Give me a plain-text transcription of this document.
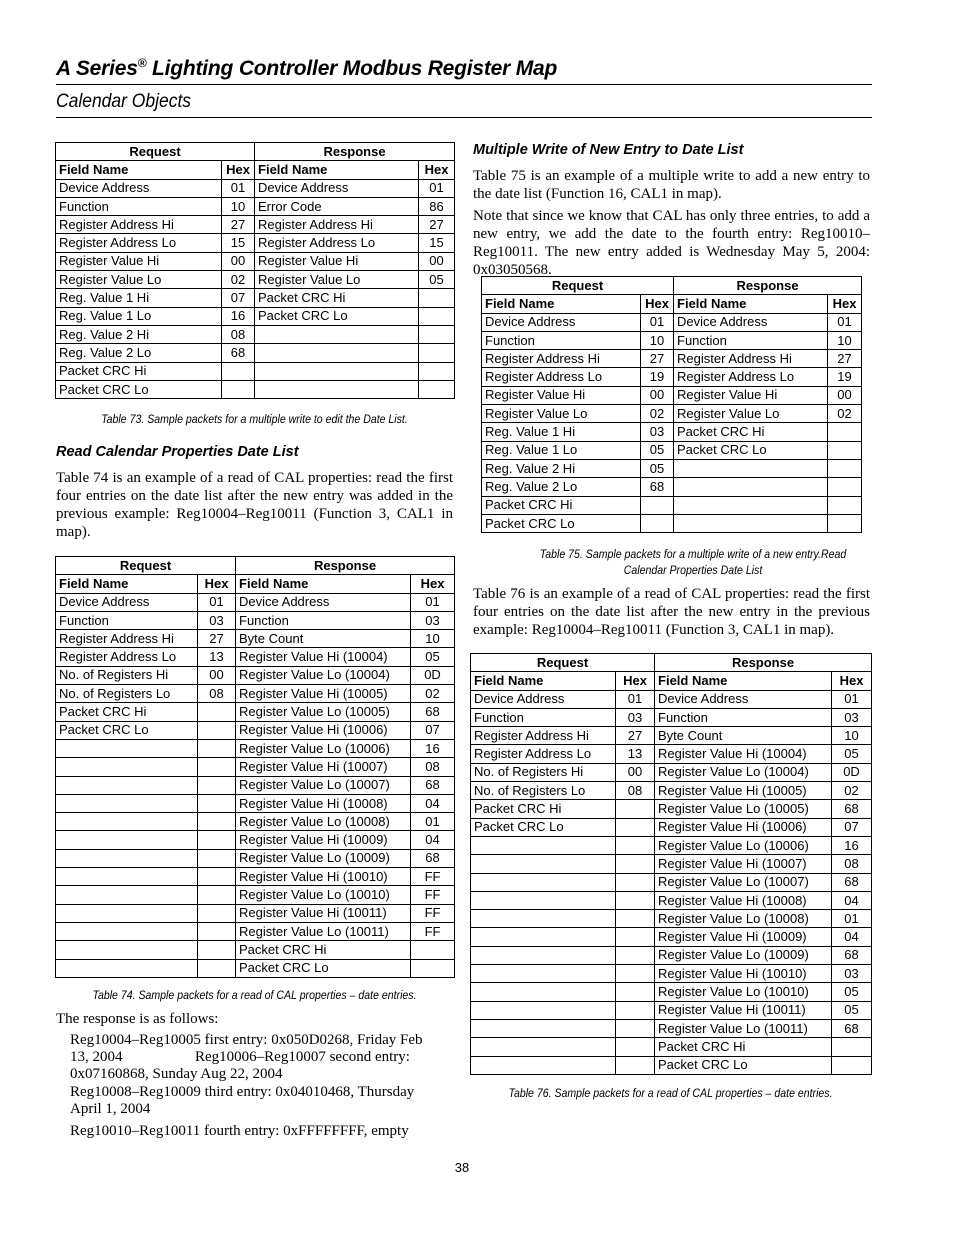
A Series® Lighting Controller Modbus Register Map
Calendar Objects
Request		Response	
Field Name	Hex	Field Name	Hex
Device Address	01	Device Address	01
Function	10	Error Code	86
Register Address Hi	27	Register Address Hi	27
Register Address Lo	15	Register Address Lo	15
Register Value Hi	00	Register Value Hi	00
Register Value Lo	02	Register Value Lo	05
Reg. Value 1 Hi	07	Packet CRC Hi	
Reg. Value 1 Lo	16	Packet CRC Lo	
Reg. Value 2 Hi	08		
Reg. Value 2 Lo	68		
Packet CRC Hi			
Packet CRC Lo			
Table 73. Sample packets for a multiple write to edit the Date List.
Read Calendar Properties Date List

Table 74 is an example of a read of CAL properties: read the first four entries on the date list after the new entry was added in the previous example: Reg10004–Reg10011 (Function 3, CAL1 in map).

Request		Response	
Field Name	Hex	Field Name	Hex
Device Address	01	Device Address	01
Function	03	Function	03
Register Address Hi	27	Byte Count	10
Register Address Lo	13	Register Value Hi (10004)	05
No. of Registers Hi	00	Register Value Lo (10004)	0D
No. of Registers Lo	08	Register Value Hi (10005)	02
Packet CRC Hi		Register Value Lo (10005)	68
Packet CRC Lo		Register Value Hi (10006)	07
		Register Value Lo (10006)	16
		Register Value Hi (10007)	08
		Register Value Lo (10007)	68
		Register Value Hi (10008)	04
		Register Value Lo (10008)	01
		Register Value Hi (10009)	04
		Register Value Lo (10009)	68
		Register Value Hi (10010)	FF
		Register Value Lo (10010)	FF
		Register Value Hi (10011)	FF
		Register Value Lo (10011)	FF
		Packet CRC Hi	
		Packet CRC Lo	
Table 74. Sample packets for a read of CAL properties – date entries.

The response is as follows:

Reg10004–Reg10005 first entry: 0x050D0268, Friday Feb

13, 2004	Reg10006–Reg10007 second entry:

0x07160868, Sunday Aug 22, 2004

Reg10008–Reg10009 third entry: 0x04010468, Thursday

April 1, 2004

Reg10010–Reg10011 fourth entry: 0xFFFFFFFF, empty

Multiple Write of New Entry to Date List

Table 75 is an example of a multiple write to add a new entry to the date list (Function 16, CAL1 in map).

Note that since we know that CAL has only three entries, to add a new entry, we add the date to the fourth entry: Reg10010–Reg10011. The new entry added is Wednesday May 5, 2004: 0x03050568.

Request		Response	
Field Name	Hex	Field Name	Hex
Device Address	01	Device Address	01
Function	10	Function	10
Register Address Hi	27	Register Address Hi	27
Register Address Lo	19	Register Address Lo	19
Register Value Hi	00	Register Value Hi	00
Register Value Lo	02	Register Value Lo	02
Reg. Value 1 Hi	03	Packet CRC Hi	
Reg. Value 1 Lo	05	Packet CRC Lo	
Reg. Value 2 Hi	05		
Reg. Value 2 Lo	68		
Packet CRC Hi			
Packet CRC Lo			
Table 75. Sample packets for a multiple write of a new entry.Read
Calendar Properties Date List

Table 76 is an example of a read of CAL properties: read the first four entries on the date list after the new entry in the previous example: Reg10004–Reg10011 (Function 3, CAL1 in map).

Request		Response	
Field Name	Hex	Field Name	Hex
Device Address	01	Device Address	01
Function	03	Function	03
Register Address Hi	27	Byte Count	10
Register Address Lo	13	Register Value Hi (10004)	05
No. of Registers Hi	00	Register Value Lo (10004)	0D
No. of Registers Lo	08	Register Value Hi (10005)	02
Packet CRC Hi		Register Value Lo (10005)	68
Packet CRC Lo		Register Value Hi (10006)	07
		Register Value Lo (10006)	16
		Register Value Hi (10007)	08
		Register Value Lo (10007)	68
		Register Value Hi (10008)	04
		Register Value Lo (10008)	01
		Register Value Hi (10009)	04
		Register Value Lo (10009)	68
		Register Value Hi (10010)	03
		Register Value Lo (10010)	05
		Register Value Hi (10011)	05
		Register Value Lo (10011)	68
		Packet CRC Hi	
		Packet CRC Lo	
Table 76. Sample packets for a read of CAL properties – date entries.
38
